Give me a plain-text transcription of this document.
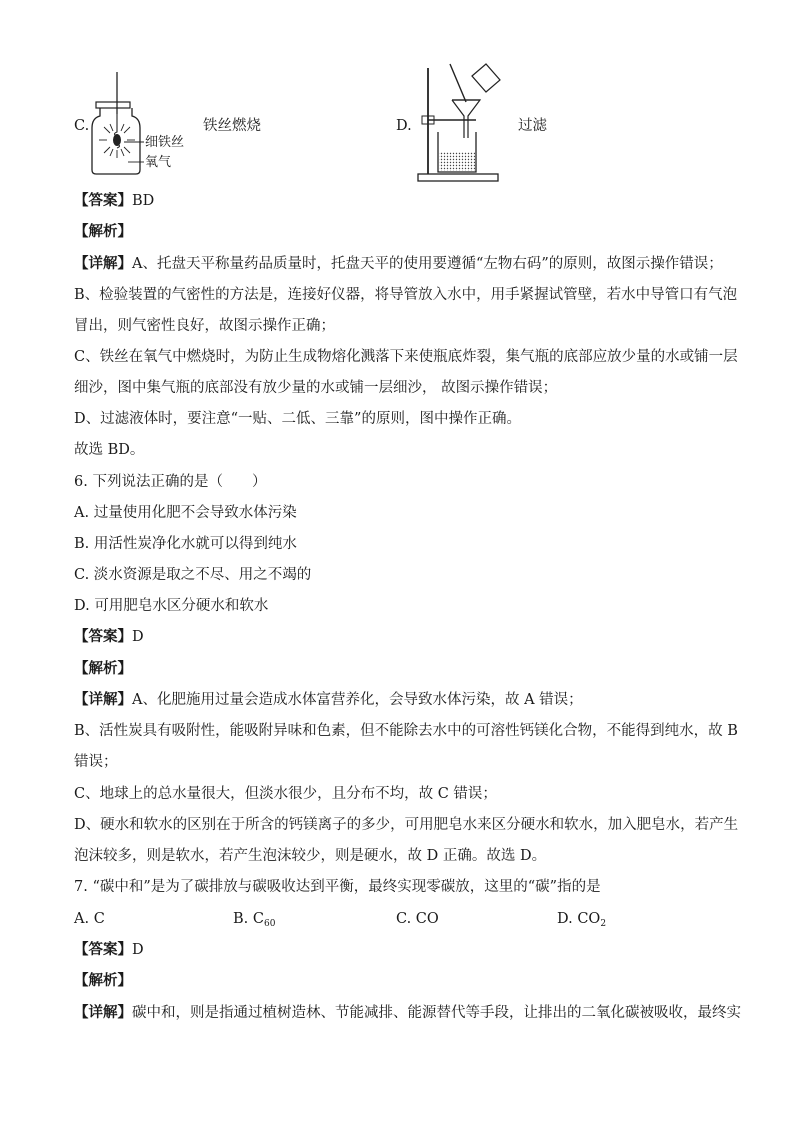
C.
细铁丝
氧气
铁丝燃烧	D.	过滤
【答案】BD
【解析】
【详解】A、托盘天平称量药品质量时，托盘天平的使用要遵循“左物右码”的原则，故图示操作错误；
B、检验装置的气密性的方法是，连接好仪器，将导管放入水中，用手紧握试管壁，若水中导管口有气泡
冒出，则气密性良好，故图示操作正确；
C、铁丝在氧气中燃烧时，为防止生成物熔化溅落下来使瓶底炸裂，集气瓶的底部应放少量的水或铺一层
细沙，图中集气瓶的底部没有放少量的水或铺一层细沙， 故图示操作错误；
D、过滤液体时，要注意“一贴、二低、三靠”的原则，图中操作正确。
故选 BD。
6. 下列说法正确的是（　　）
A. 过量使用化肥不会导致水体污染
B. 用活性炭净化水就可以得到纯水
C. 淡水资源是取之不尽、用之不竭的
D. 可用肥皂水区分硬水和软水
【答案】D
【解析】
【详解】A、化肥施用过量会造成水体富营养化，会导致水体污染，故 A 错误；
B、活性炭具有吸附性，能吸附异味和色素，但不能除去水中的可溶性钙镁化合物，不能得到纯水，故 B
错误；
C、地球上的总水量很大，但淡水很少，且分布不均，故 C 错误；
D、硬水和软水的区别在于所含的钙镁离子的多少，可用肥皂水来区分硬水和软水，加入肥皂水，若产生
泡沫较多，则是软水，若产生泡沫较少，则是硬水，故 D 正确。故选 D。
7. “碳中和”是为了碳排放与碳吸收达到平衡，最终实现零碳放，这里的“碳”指的是
A. C	B. $C_{60}$	C. CO	D. $CO_2$
【答案】D
【解析】
【详解】碳中和，则是指通过植树造林、节能减排、能源替代等手段，让排出的二氧化碳被吸收，最终实
